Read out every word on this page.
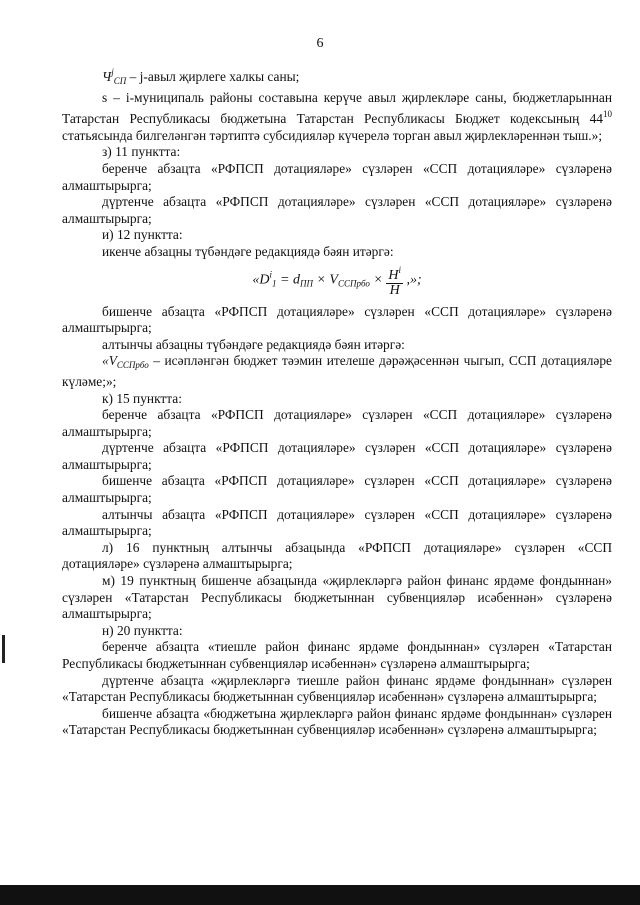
6

$Ч^j_{СП}$ – j-авыл җирлеге халкы саны;

s – i-муниципаль районы составына керүче авыл җирлекләре саны, бюджетларыннан Татарстан Республикасы бюджетына Татарстан Республикасы Бюджет кодексының $44^{10}$ статьясында билгеләнгән тәртиптә субсидияләр күчерелә торган авыл җирлекләреннән тыш.»;

з) 11 пунктта:

беренче абзацта «РФПСП дотацияләре» сүзләрен «ССП дотацияләре» сүзләренә алмаштырырга;

дүртенче абзацта «РФПСП дотацияләре» сүзләрен «ССП дотацияләре» сүзләренә алмаштырырга;

и) 12 пунктта:

икенче абзацны түбәндәге редакциядә бәян итәргә:

«$D^i_1 = d_{ПП} \times V_{ССПрбо} \times \frac{H^i}{H}$ ,»;

бишенче абзацта «РФПСП дотацияләре» сүзләрен «ССП дотацияләре» сүзләренә алмаштырырга;

алтынчы абзацны түбәндәге редакциядә бәян итәргә:

«$V_{ССПрбо}$ – исәпләнгән бюджет тәэмин ителеше дәрәҗәсеннән чыгып, ССП дотацияләре күләме;»;

к) 15 пунктта:

беренче абзацта «РФПСП дотацияләре» сүзләрен «ССП дотацияләре» сүзләренә алмаштырырга;

дүртенче абзацта «РФПСП дотацияләре» сүзләрен «ССП дотацияләре» сүзләренә алмаштырырга;

бишенче абзацта «РФПСП дотацияләре» сүзләрен «ССП дотацияләре» сүзләренә алмаштырырга;

алтынчы абзацта «РФПСП дотацияләре» сүзләрен «ССП дотацияләре» сүзләренә алмаштырырга;

л) 16 пунктның алтынчы абзацында «РФПСП дотацияләре» сүзләрен «ССП дотацияләре» сүзләренә алмаштырырга;

м) 19 пунктның бишенче абзацында «җирлекләргә район финанс ярдәме фондыннан» сүзләрен «Татарстан Республикасы бюджетыннан субвенцияләр исәбеннән» сүзләренә алмаштырырга;

н) 20 пунктта:

беренче абзацта «тиешле район финанс ярдәме фондыннан» сүзләрен «Татарстан Республикасы бюджетыннан субвенцияләр исәбеннән» сүзләренә алмаштырырга;

дүртенче абзацта «җирлекләргә тиешле район финанс ярдәме фондыннан» сүзләрен «Татарстан Республикасы бюджетыннан субвенцияләр исәбеннән» сүзләренә алмаштырырга;

бишенче абзацта «бюджетына җирлекләргә район финанс ярдәме фондыннан» сүзләрен «Татарстан Республикасы бюджетыннан субвенцияләр исәбеннән» сүзләренә алмаштырырга;
